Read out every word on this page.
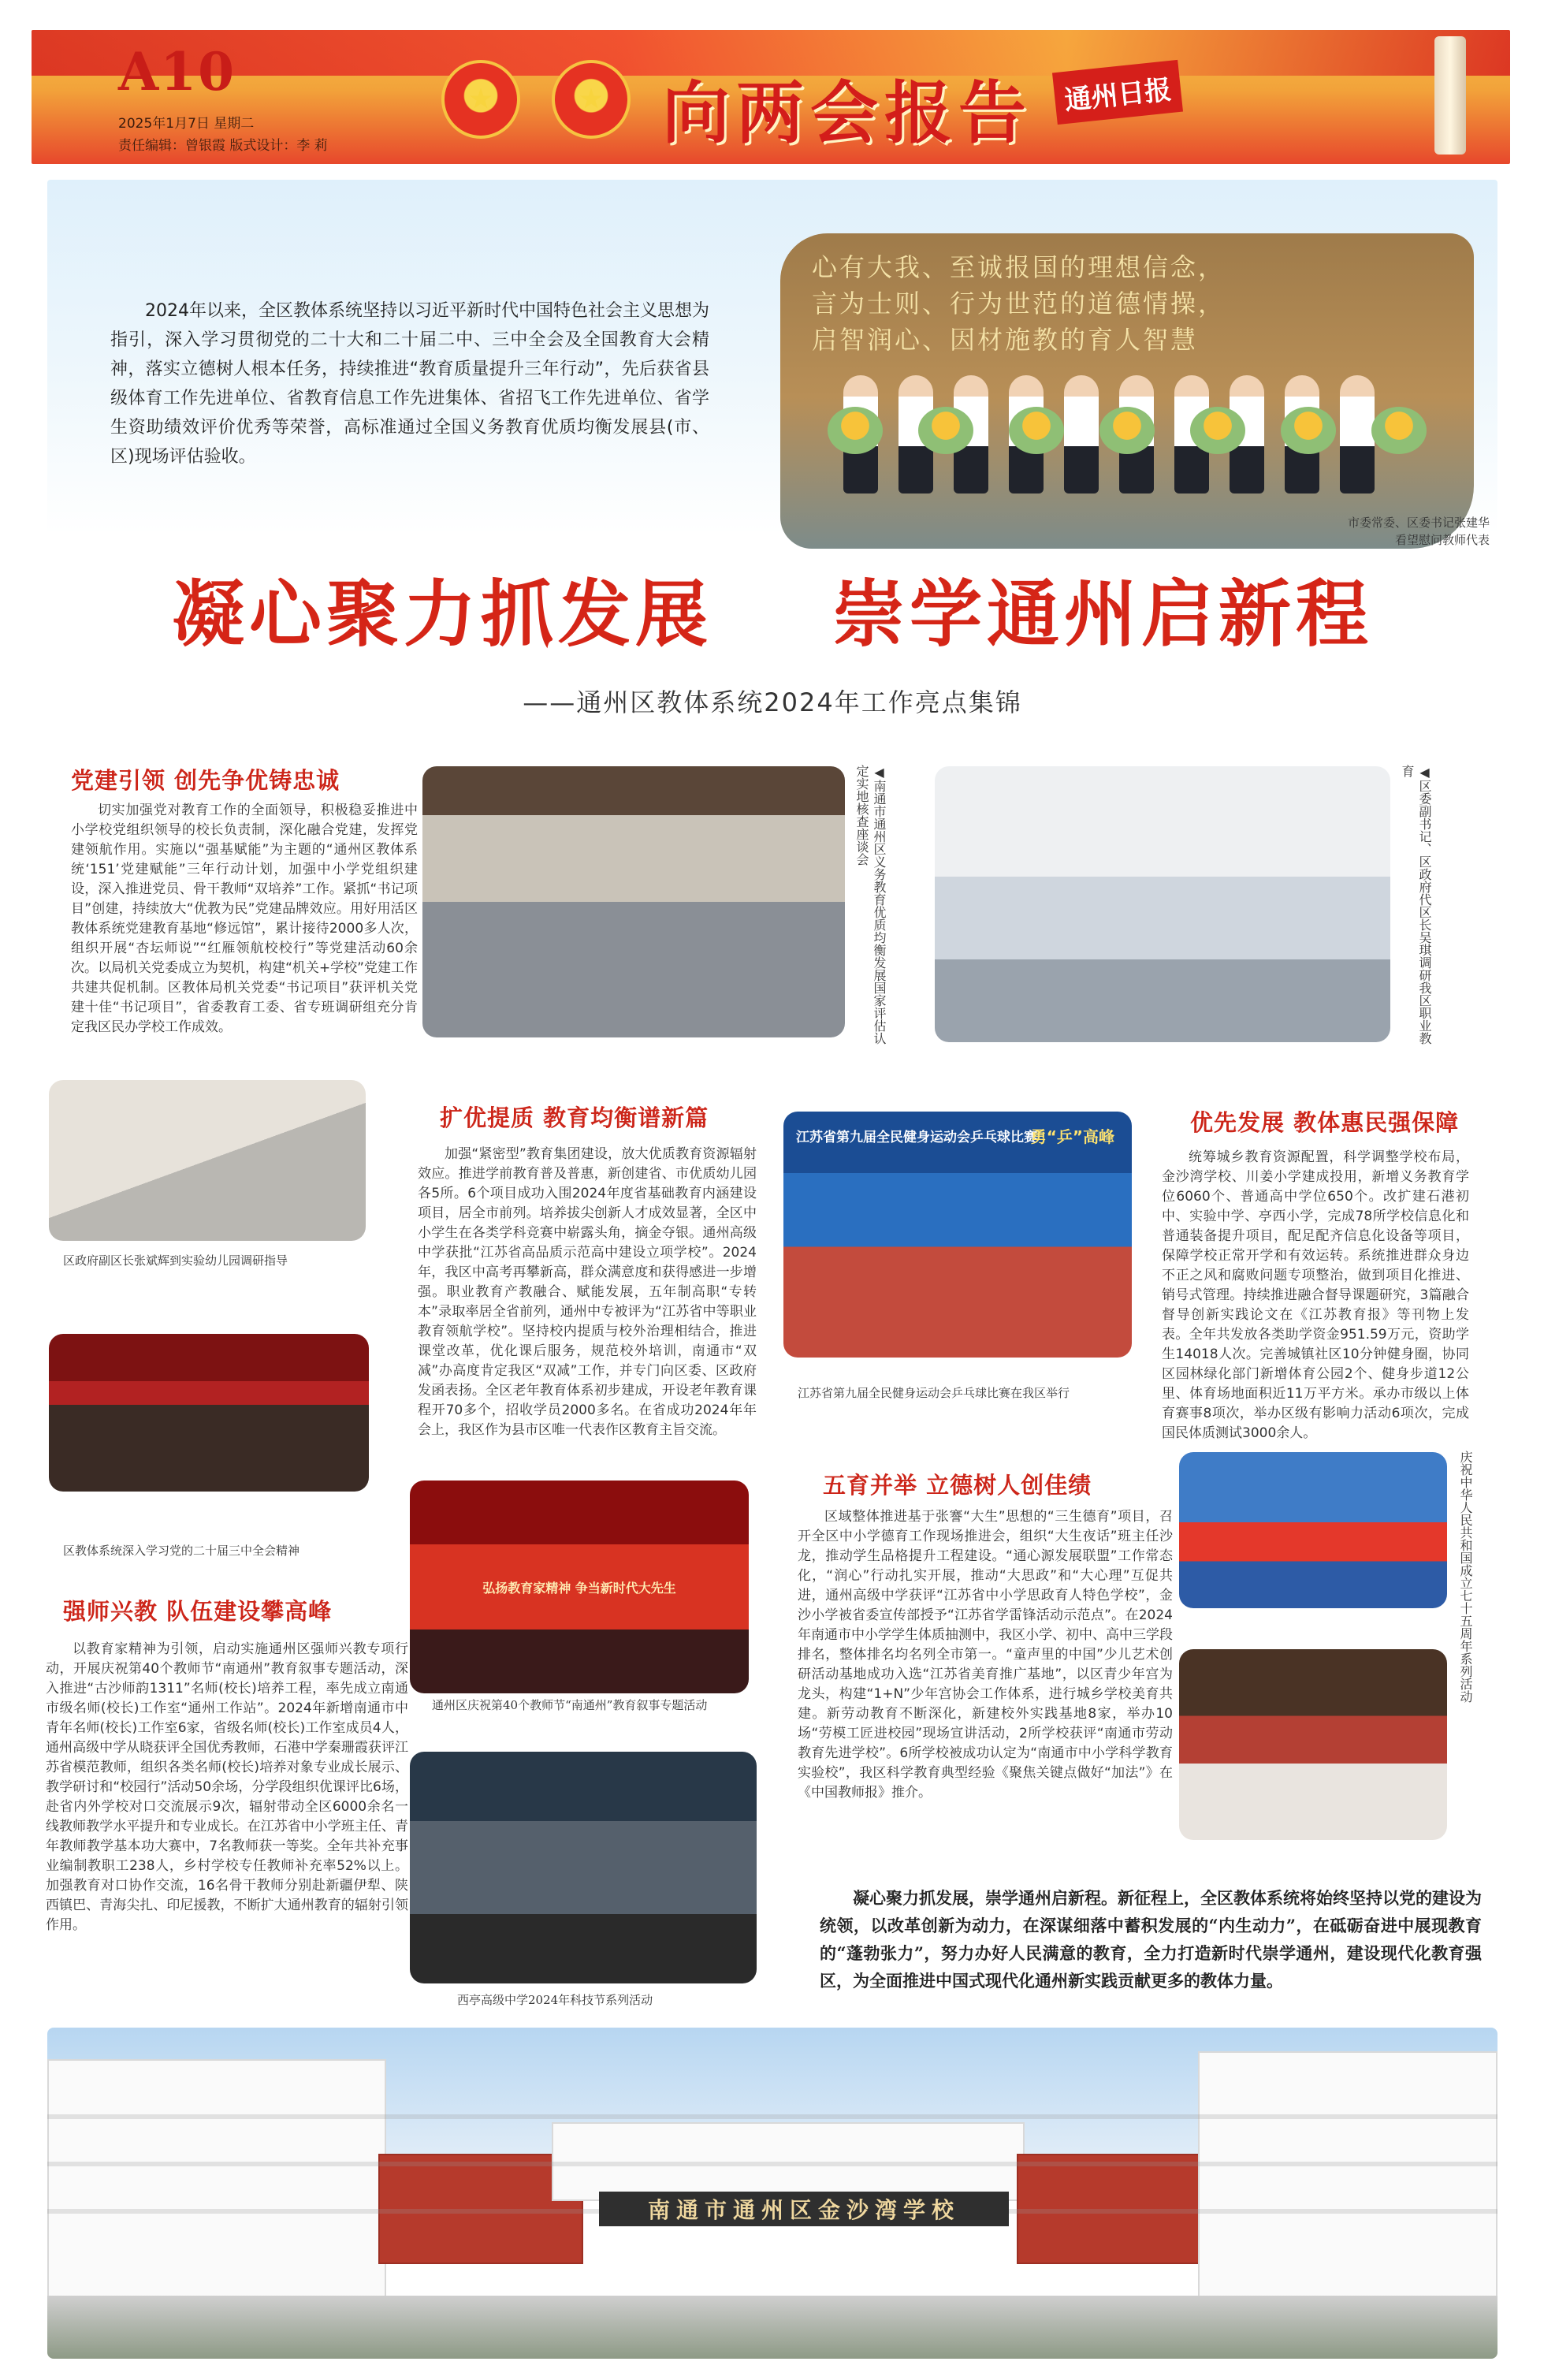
A10
2025年1月7日 星期二
责任编辑：曾银霞 版式设计：李 莉
★	★ 向两会报告	通州日报
2024年以来，全区教体系统坚持以习近平新时代中国特色社会主义思想为指引，深入学习贯彻党的二十大和二十届二中、三中全会及全国教育大会精神，落实立德树人根本任务，持续推进“教育质量提升三年行动”，先后获省县级体育工作先进单位、省教育信息工作先进集体、省招飞工作先进单位、省学生资助绩效评价优秀等荣誉，高标准通过全国义务教育优质均衡发展县(市、区)现场评估验收。
心有大我、至诚报国的理想信念，
言为士则、行为世范的道德情操，
启智润心、因材施教的育人智慧
市委常委、区委书记张建华看望慰问教师代表
凝心聚力抓发展    崇学通州启新程
——通州区教体系统2024年工作亮点集锦
党建引领 创先争优铸忠诚
切实加强党对教育工作的全面领导，积极稳妥推进中小学校党组织领导的校长负责制，深化融合党建，发挥党建领航作用。实施以“强基赋能”为主题的“通州区教体系统‘151’党建赋能”三年行动计划，加强中小学党组织建设，深入推进党员、骨干教师“双培养”工作。紧抓“书记项目”创建，持续放大“优教为民”党建品牌效应。用好用活区教体系统党建教育基地“修远馆”，累计接待2000多人次，组织开展“杏坛师说”“红雁领航校校行”等党建活动60余次。以局机关党委成立为契机，构建“机关+学校”党建工作共建共促机制。区教体局机关党委“书记项目”获评机关党建十佳“书记项目”，省委教育工委、省专班调研组充分肯定我区民办学校工作成效。	◀南通市通州区义务教育优质均衡发展国家评估认定实地核查座谈会	◀区委副书记、区政府代区长吴琪调研我区职业教育
区政府副区长张斌辉到实验幼儿园调研指导
区教体系统深入学习党的二十届三中全会精神
强师兴教 队伍建设攀高峰
以教育家精神为引领，启动实施通州区强师兴教专项行动，开展庆祝第40个教师节“南通州”教育叙事专题活动，深入推进“古沙师韵1311”名师(校长)培养工程，率先成立南通市级名师(校长)工作室“通州工作站”。2024年新增南通市中青年名师(校长)工作室6家，省级名师(校长)工作室成员4人，通州高级中学从晓获评全国优秀教师，石港中学秦珊霞获评江苏省模范教师，组织各类名师(校长)培养对象专业成长展示、教学研讨和“校园行”活动50余场，分学段组织优课评比6场，赴省内外学校对口交流展示9次，辐射带动全区6000余名一线教师教学水平提升和专业成长。在江苏省中小学班主任、青年教师教学基本功大赛中，7名教师获一等奖。全年共补充事业编制教职工238人，乡村学校专任教师补充率52%以上。加强教育对口协作交流，16名骨干教师分别赴新疆伊犁、陕西镇巴、青海尖扎、印尼援教，不断扩大通州教育的辐射引领作用。
扩优提质 教育均衡谱新篇
加强“紧密型”教育集团建设，放大优质教育资源辐射效应。推进学前教育普及普惠，新创建省、市优质幼儿园各5所。6个项目成功入围2024年度省基础教育内涵建设项目，居全市前列。培养拔尖创新人才成效显著，全区中小学生在各类学科竞赛中崭露头角，摘金夺银。通州高级中学获批“江苏省高品质示范高中建设立项学校”。2024年，我区中高考再攀新高，群众满意度和获得感进一步增强。职业教育产教融合、赋能发展，五年制高职“专转本”录取率居全省前列，通州中专被评为“江苏省中等职业教育领航学校”。坚持校内提质与校外治理相结合，推进课堂改革，优化课后服务，规范校外培训，南通市“双减”办高度肯定我区“双减”工作，并专门向区委、区政府发函表扬。全区老年教育体系初步建成，开设老年教育课程开70多个，招收学员2000多名。在省成功2024年年会上，我区作为县市区唯一代表作区教育主旨交流。
江苏省第九届全民健身运动会乒乓球比赛
勇“乒”高峰
江苏省第九届全民健身运动会乒乓球比赛在我区举行
弘扬教育家精神 争当新时代大先生
通州区庆祝第40个教师节“南通州”教育叙事专题活动
西亭高级中学2024年科技节系列活动
优先发展 教体惠民强保障
统筹城乡教育资源配置，科学调整学校布局，金沙湾学校、川姜小学建成投用，新增义务教育学位6060个、普通高中学位650个。改扩建石港初中、实验中学、亭西小学，完成78所学校信息化和普通装备提升项目，配足配齐信息化设备等项目，保障学校正常开学和有效运转。系统推进群众身边不正之风和腐败问题专项整治，做到项目化推进、销号式管理。持续推进融合督导课题研究，3篇融合督导创新实践论文在《江苏教育报》等刊物上发表。全年共发放各类助学资金951.59万元，资助学生14018人次。完善城镇社区10分钟健身圈，协同区园林绿化部门新增体育公园2个、健身步道12公里、体育场地面积近11万平方米。承办市级以上体育赛事8项次，举办区级有影响力活动6项次，完成国民体质测试3000余人。
五育并举 立德树人创佳绩
区域整体推进基于张謇“大生”思想的“三生德育”项目，召开全区中小学德育工作现场推进会，组织“大生夜话”班主任沙龙，推动学生品格提升工程建设。“通心源发展联盟”工作常态化，“润心”行动扎实开展，推动“大思政”和“大心理”互促共进，通州高级中学获评“江苏省中小学思政育人特色学校”，金沙小学被省委宣传部授予“江苏省学雷锋活动示范点”。在2024年南通市中小学学生体质抽测中，我区小学、初中、高中三学段排名，整体排名均名列全市第一。“童声里的中国”少儿艺术创研活动基地成功入选“江苏省美育推广基地”，以区青少年宫为龙头，构建“1+N”少年宫协会工作体系，进行城乡学校美育共建。新劳动教育不断深化，新建校外实践基地8家，举办10场“劳模工匠进校园”现场宣讲活动，2所学校获评“南通市劳动教育先进学校”。6所学校被成功认定为“南通市中小学科学教育实验校”，我区科学教育典型经验《聚焦关键点做好“加法”》在《中国教师报》推介。
庆祝中华人民共和国成立七十五周年系列活动
凝心聚力抓发展，崇学通州启新程。新征程上，全区教体系统将始终坚持以党的建设为统领，以改革创新为动力，在深谋细落中蓄积发展的“内生动力”，在砥砺奋进中展现教育的“蓬勃张力”，努力办好人民满意的教育，全力打造新时代崇学通州，建设现代化教育强区，为全面推进中国式现代化通州新实践贡献更多的教体力量。
南通市通州区金沙湾学校
